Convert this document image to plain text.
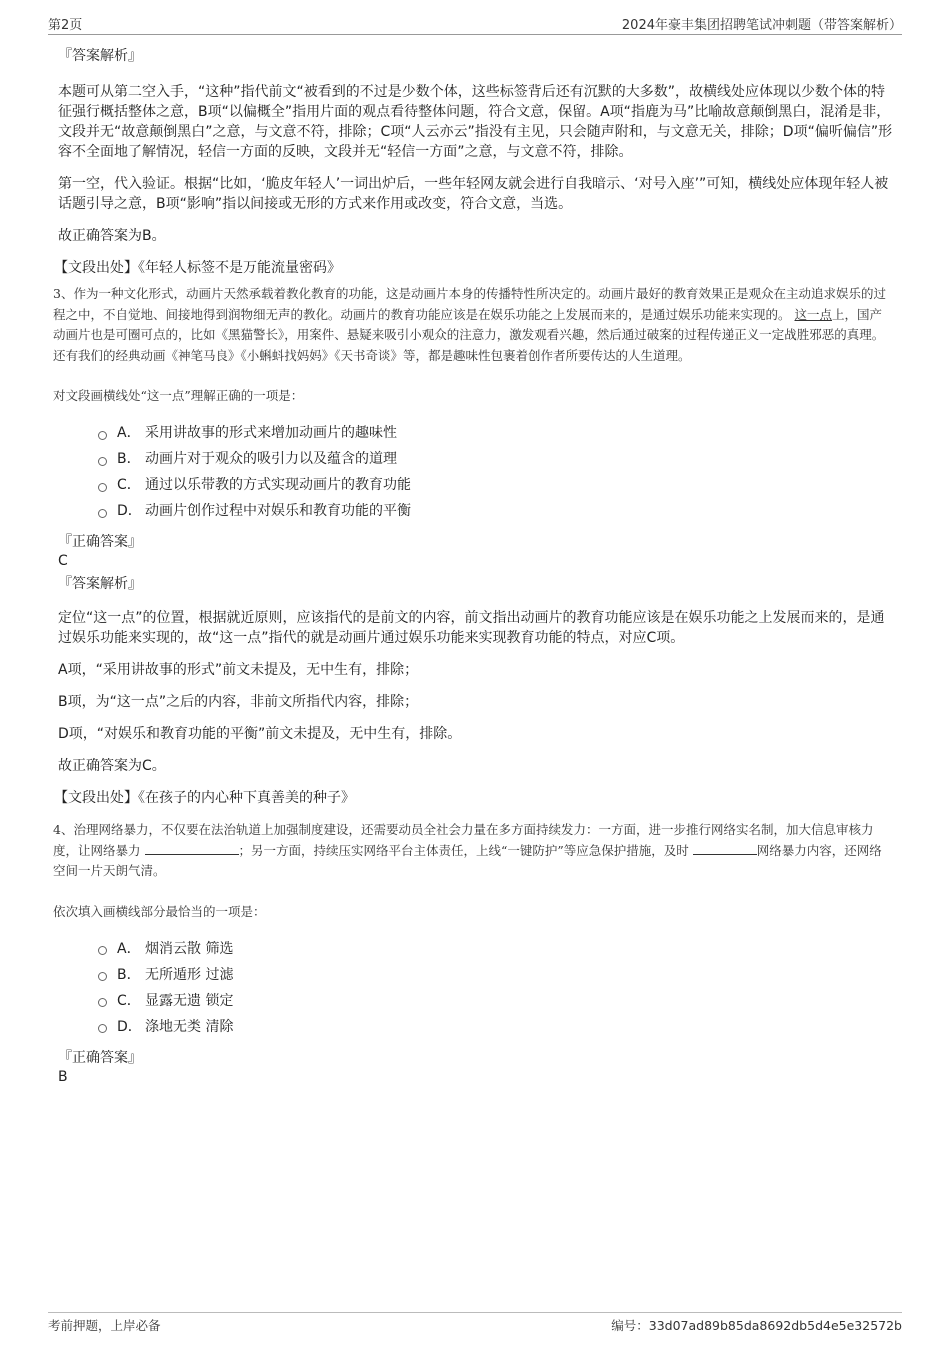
第2页	2024年豪丰集团招聘笔试冲刺题（带答案解析）
『答案解析』

本题可从第二空入手，“这种”指代前文“被看到的不过是少数个体，这些标签背后还有沉默的大多数”，故横线处应体现以少数个体的特征强行概括整体之意，B项“以偏概全”指用片面的观点看待整体问题，符合文意，保留。A项“指鹿为马”比喻故意颠倒黑白，混淆是非，文段并无“故意颠倒黑白”之意，与文意不符，排除；C项“人云亦云”指没有主见，只会随声附和，与文意无关，排除；D项“偏听偏信”形容不全面地了解情况，轻信一方面的反映，文段并无“轻信一方面”之意，与文意不符，排除。

第一空，代入验证。根据“比如，‘脆皮年轻人’一词出炉后，一些年轻网友就会进行自我暗示、‘对号入座’”可知，横线处应体现年轻人被话题引导之意，B项“影响”指以间接或无形的方式来作用或改变，符合文意，当选。

故正确答案为B。

【文段出处】《年轻人标签不是万能流量密码》

3、作为一种文化形式，动画片天然承载着教化教育的功能，这是动画片本身的传播特性所决定的。动画片最好的教育效果正是观众在主动追求娱乐的过程之中，不自觉地、间接地得到润物细无声的教化。动画片的教育功能应该是在娱乐功能之上发展而来的，是通过娱乐功能来实现的。 这一点上，国产动画片也是可圈可点的，比如《黑猫警长》，用案件、悬疑来吸引小观众的注意力，激发观看兴趣，然后通过破案的过程传递正义一定战胜邪恶的真理。还有我们的经典动画《神笔马良》《小蝌蚪找妈妈》《天书奇谈》等，都是趣味性包裹着创作者所要传达的人生道理。

对文段画横线处“这一点”理解正确的一项是：

A． 采用讲故事的形式来增加动画片的趣味性
B． 动画片对于观众的吸引力以及蕴含的道理
C． 通过以乐带教的方式实现动画片的教育功能
D． 动画片创作过程中对娱乐和教育功能的平衡
『正确答案』
C
『答案解析』

定位“这一点”的位置，根据就近原则，应该指代的是前文的内容，前文指出动画片的教育功能应该是在娱乐功能之上发展而来的，是通过娱乐功能来实现的，故“这一点”指代的就是动画片通过娱乐功能来实现教育功能的特点，对应C项。

A项，“采用讲故事的形式”前文未提及，无中生有，排除；

B项，为“这一点”之后的内容，非前文所指代内容，排除；

D项，“对娱乐和教育功能的平衡”前文未提及，无中生有，排除。

故正确答案为C。

【文段出处】《在孩子的内心种下真善美的种子》

4、治理网络暴力，不仅要在法治轨道上加强制度建设，还需要动员全社会力量在多方面持续发力：一方面，进一步推行网络实名制，加大信息审核力度，让网络暴力	；另一方面，持续压实网络平台主体责任，上线“一键防护”等应急保护措施，及时	网络暴力内容，还网络空间一片天朗气清。

依次填入画横线部分最恰当的一项是：

A． 烟消云散 筛选
B． 无所遁形 过滤
C． 显露无遗 锁定
D． 涤地无类 清除
『正确答案』
B
考前押题，上岸必备	编号：33d07ad89b85da8692db5d4e5e32572b
